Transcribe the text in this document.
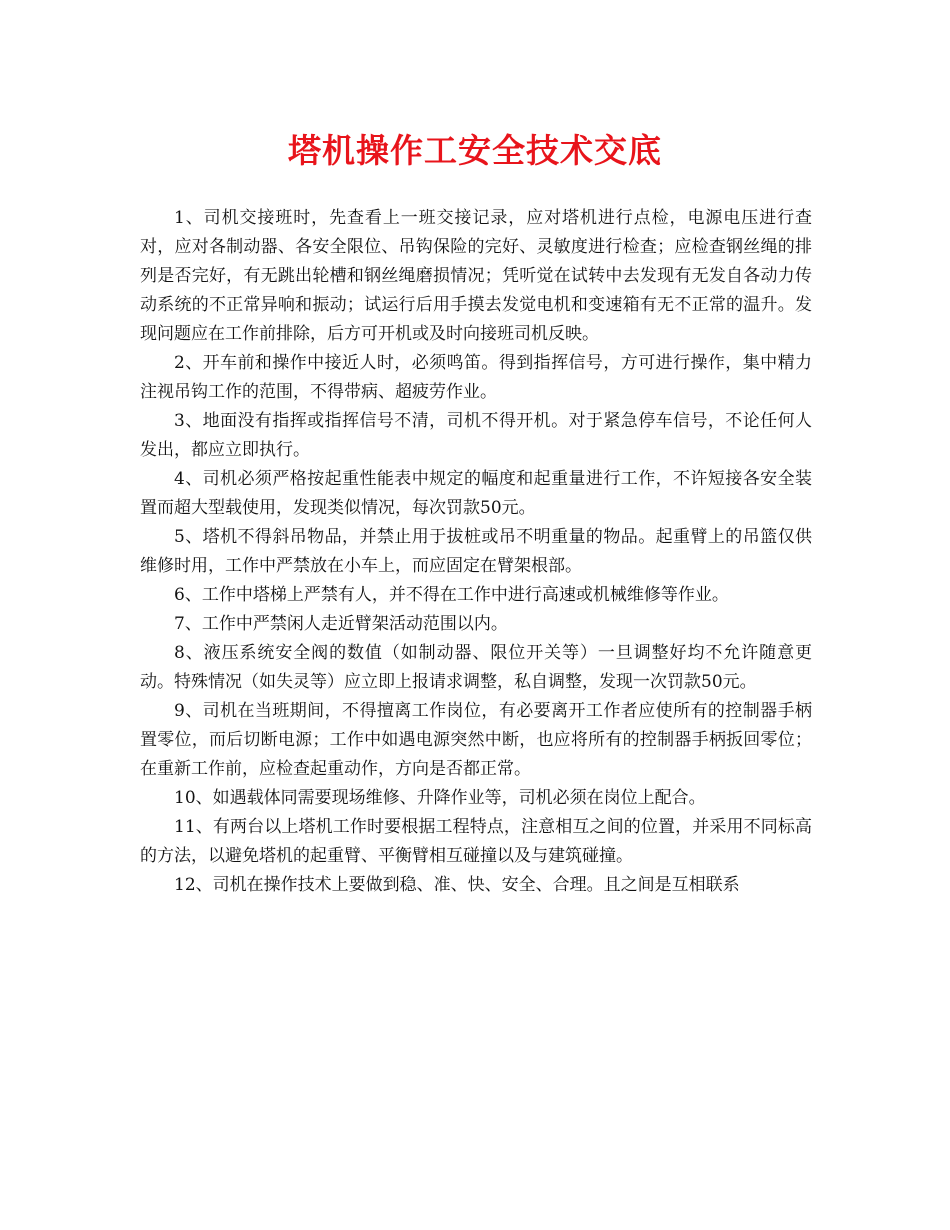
塔机操作工安全技术交底

1、司机交接班时，先查看上一班交接记录，应对塔机进行点检，电源电压进行查对，应对各制动器、各安全限位、吊钩保险的完好、灵敏度进行检查；应检查钢丝绳的排列是否完好，有无跳出轮槽和钢丝绳磨损情况；凭听觉在试转中去发现有无发自各动力传动系统的不正常异响和振动；试运行后用手摸去发觉电机和变速箱有无不正常的温升。发现问题应在工作前排除，后方可开机或及时向接班司机反映。

2、开车前和操作中接近人时，必须鸣笛。得到指挥信号，方可进行操作，集中精力注视吊钩工作的范围，不得带病、超疲劳作业。

3、地面没有指挥或指挥信号不清，司机不得开机。对于紧急停车信号，不论任何人发出，都应立即执行。

4、司机必须严格按起重性能表中规定的幅度和起重量进行工作，不许短接各安全装置而超大型载使用，发现类似情况，每次罚款50元。

5、塔机不得斜吊物品，并禁止用于拔桩或吊不明重量的物品。起重臂上的吊篮仅供维修时用，工作中严禁放在小车上，而应固定在臂架根部。

6、工作中塔梯上严禁有人，并不得在工作中进行高速或机械维修等作业。

7、工作中严禁闲人走近臂架活动范围以内。

8、液压系统安全阀的数值（如制动器、限位开关等）一旦调整好均不允许随意更动。特殊情况（如失灵等）应立即上报请求调整，私自调整，发现一次罚款50元。

9、司机在当班期间，不得擅离工作岗位，有必要离开工作者应使所有的控制器手柄置零位，而后切断电源；工作中如遇电源突然中断，也应将所有的控制器手柄扳回零位；在重新工作前，应检查起重动作，方向是否都正常。

10、如遇载体同需要现场维修、升降作业等，司机必须在岗位上配合。

11、有两台以上塔机工作时要根据工程特点，注意相互之间的位置，并采用不同标高的方法，以避免塔机的起重臂、平衡臂相互碰撞以及与建筑碰撞。

12、司机在操作技术上要做到稳、准、快、安全、合理。且之间是互相联系
